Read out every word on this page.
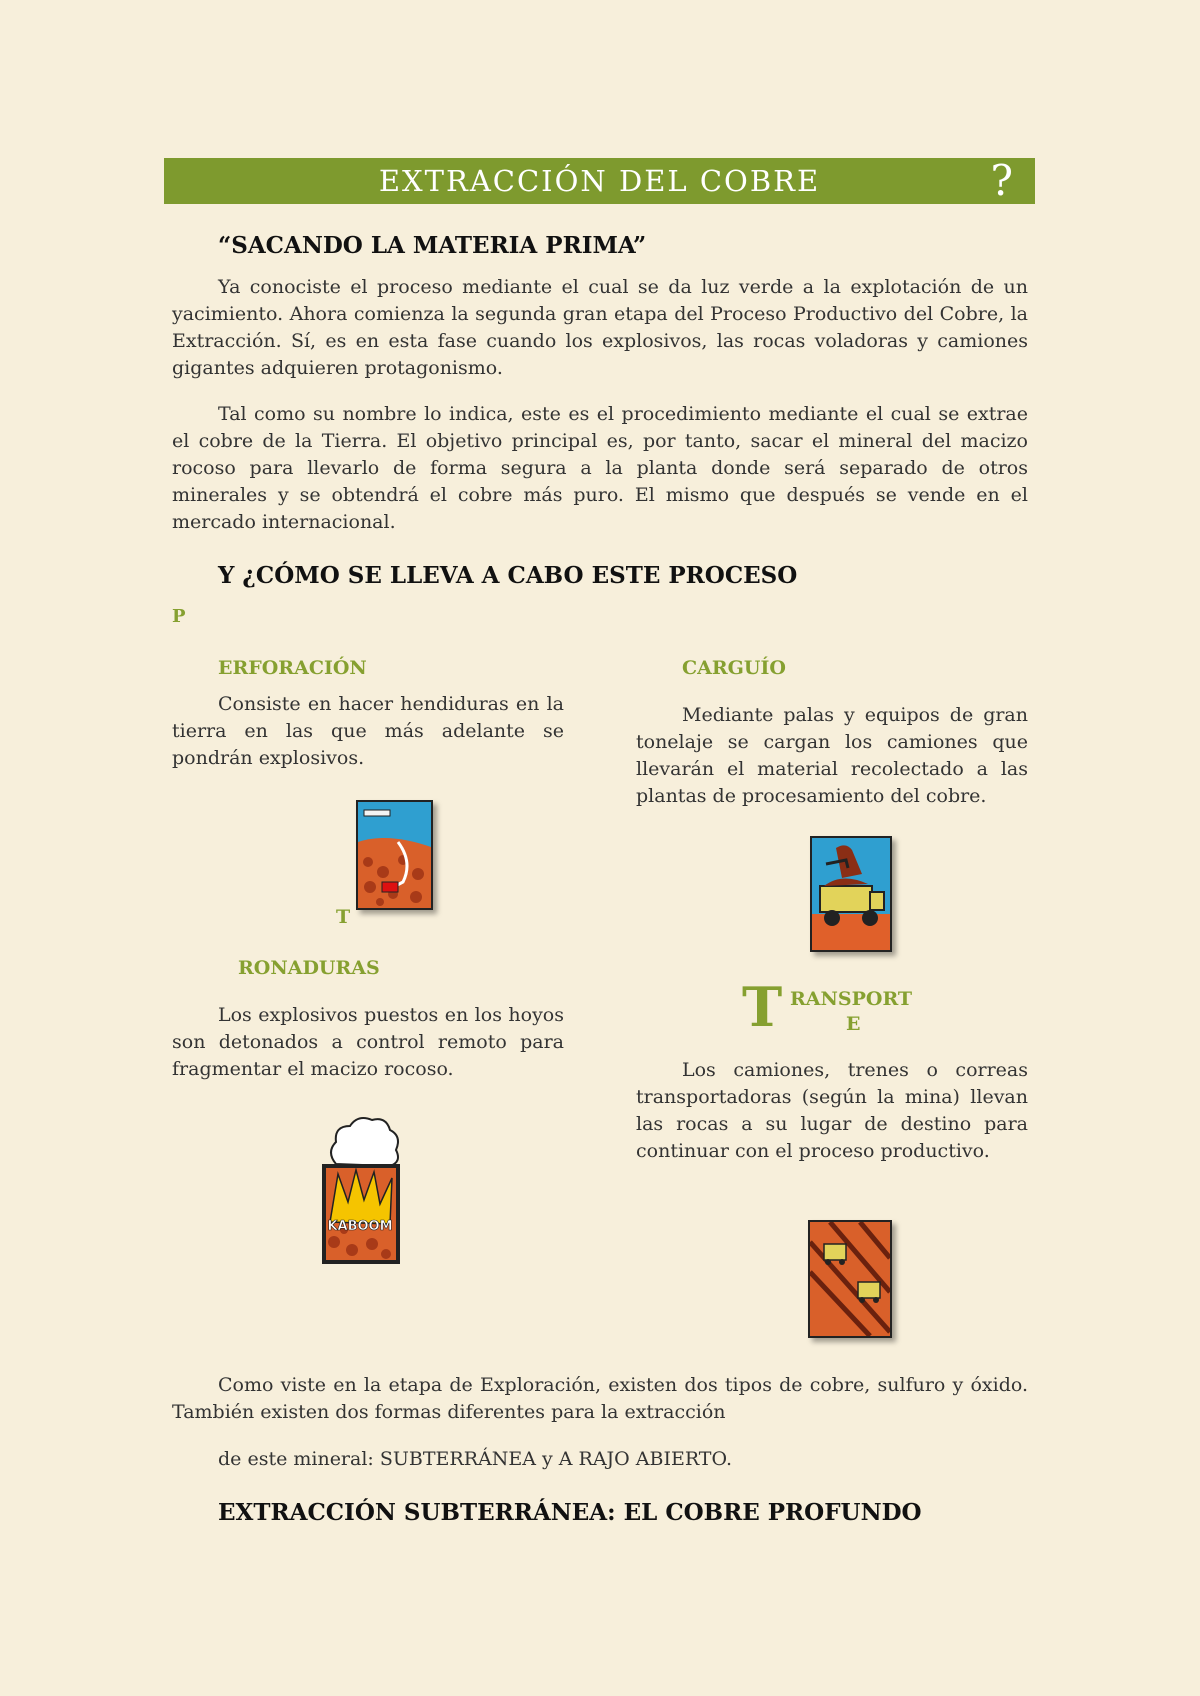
EXTRACCIÓN DEL COBRE	?
“SACANDO LA MATERIA PRIMA”
Ya conociste el proceso mediante el cual se da luz verde a la explotación de un yacimiento. Ahora comienza la segunda gran etapa del Proceso Productivo del Cobre, la Extracción. Sí, es en esta fase cuando los explosivos, las rocas voladoras y camiones gigantes adquieren protagonismo.
Tal como su nombre lo indica, este es el procedimiento mediante el cual se extrae el cobre de la Tierra. El objetivo principal es, por tanto, sacar el mineral del macizo rocoso para llevarlo de forma segura a la planta donde será separado de otros minerales y se obtendrá el cobre más puro. El mismo que después se vende en el mercado internacional.
Y ¿CÓMO SE LLEVA A CABO ESTE PROCESO
P
ERFORACIÓN
Consiste en hacer hendiduras en la tierra en las que más adelante se pondrán explosivos.
T
RONADURAS
Los explosivos puestos en los hoyos son detonados a control remoto para fragmentar el macizo rocoso.
KABOOM
CARGUÍO
Mediante palas y equipos de gran tonelaje se cargan los camiones que llevarán el material recolectado a las plantas de procesamiento del cobre.
T RANSPORT
E
Los camiones, trenes o correas transportadoras (según la mina) llevan las rocas a su lugar de destino para continuar con el proceso productivo.
Como viste en la etapa de Exploración, existen dos tipos de cobre, sulfuro y óxido. También existen dos formas diferentes para la extracción
de este mineral: SUBTERRÁNEA y A RAJO ABIERTO.
EXTRACCIÓN SUBTERRÁNEA: EL COBRE PROFUNDO
